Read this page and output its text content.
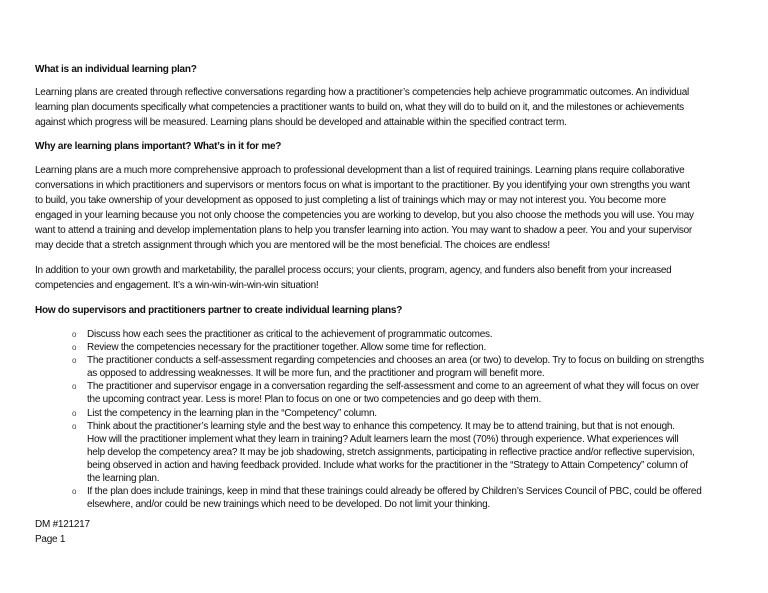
What is an individual learning plan?
Learning plans are created through reflective conversations regarding how a practitioner’s competencies help achieve programmatic outcomes. An individual
learning plan documents specifically what competencies a practitioner wants to build on, what they will do to build on it, and the milestones or achievements
against which progress will be measured. Learning plans should be developed and attainable within the specified contract term.
Why are learning plans important? What’s in it for me?
Learning plans are a much more comprehensive approach to professional development than a list of required trainings. Learning plans require collaborative
conversations in which practitioners and supervisors or mentors focus on what is important to the practitioner. By you identifying your own strengths you want
to build, you take ownership of your development as opposed to just completing a list of trainings which may or may not interest you. You become more
engaged in your learning because you not only choose the competencies you are working to develop, but you also choose the methods you will use. You may
want to attend a training and develop implementation plans to help you transfer learning into action. You may want to shadow a peer. You and your supervisor
may decide that a stretch assignment through which you are mentored will be the most beneficial. The choices are endless!
In addition to your own growth and marketability, the parallel process occurs; your clients, program, agency, and funders also benefit from your increased
competencies and engagement. It’s a win-win-win-win-win situation!
How do supervisors and practitioners partner to create individual learning plans?
o	Discuss how each sees the practitioner as critical to the achievement of programmatic outcomes.
o	Review the competencies necessary for the practitioner together. Allow some time for reflection.
o	The practitioner conducts a self-assessment regarding competencies and chooses an area (or two) to develop. Try to focus on building on strengths
as opposed to addressing weaknesses. It will be more fun, and the practitioner and program will benefit more.
o	The practitioner and supervisor engage in a conversation regarding the self-assessment and come to an agreement of what they will focus on over
the upcoming contract year. Less is more! Plan to focus on one or two competencies and go deep with them.
o	List the competency in the learning plan in the “Competency” column.
o	Think about the practitioner’s learning style and the best way to enhance this competency. It may be to attend training, but that is not enough.
How will the practitioner implement what they learn in training? Adult learners learn the most (70%) through experience. What experiences will
help develop the competency area? It may be job shadowing, stretch assignments, participating in reflective practice and/or reflective supervision,
being observed in action and having feedback provided. Include what works for the practitioner in the “Strategy to Attain Competency” column of
the learning plan.
o	If the plan does include trainings, keep in mind that these trainings could already be offered by Children’s Services Council of PBC, could be offered
elsewhere, and/or could be new trainings which need to be developed. Do not limit your thinking.
DM #121217
Page 1
